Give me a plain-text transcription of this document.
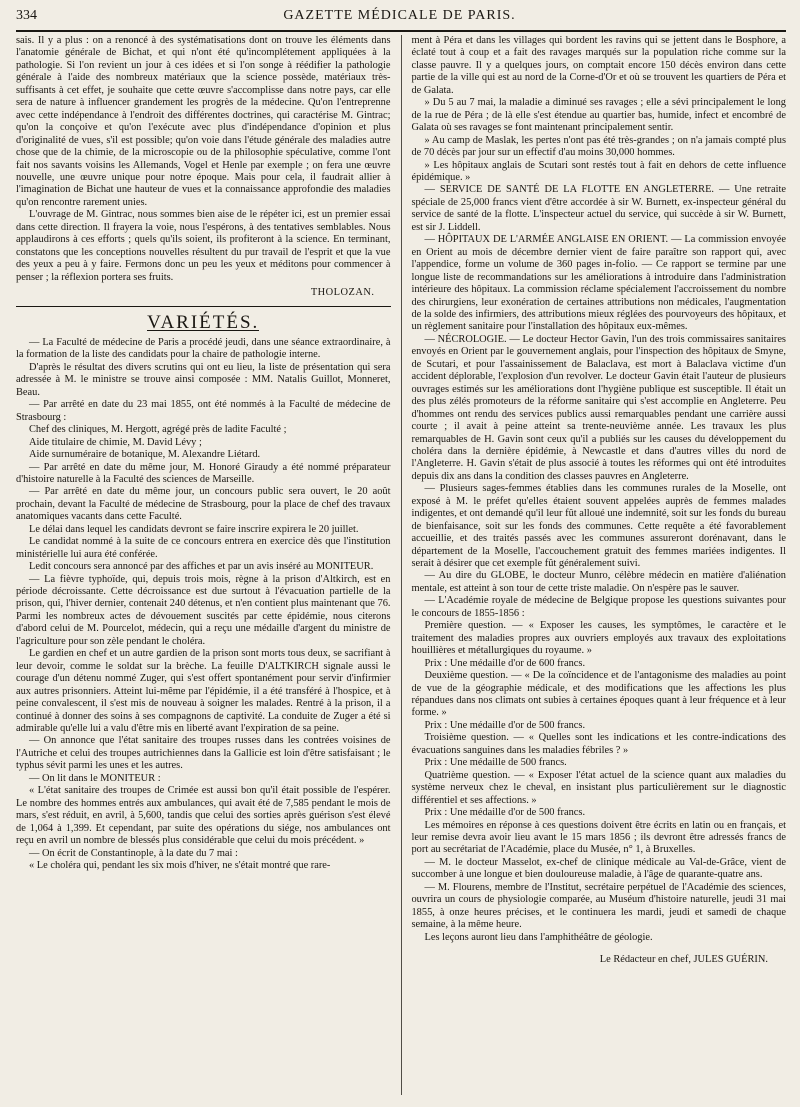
334	GAZETTE MÉDICALE DE PARIS.

sais. Il y a plus : on a renoncé à des systématisations dont on trouve les éléments dans l'anatomie générale de Bichat, et qui n'ont été qu'incomplétement appliquées à la pathologie. Si l'on revient un jour à ces idées et si l'on songe à réédifier la pathologie générale à l'aide des nombreux matériaux que la science possède, matériaux très-suffisants à cet effet, je souhaite que cette œuvre s'accomplisse dans notre pays, car elle sera de nature à influencer grandement les progrès de la médecine. Qu'on l'entreprenne avec cette indépendance à l'endroit des différentes doctrines, qui caractérise M. Gintrac; qu'on la conçoive et qu'on l'exécute avec plus d'indépendance d'opinion et plus d'originalité de vues, s'il est possible; qu'on voie dans l'étude générale des maladies autre chose que de la chimie, de la microscopie ou de la philosophie spéculative, comme l'ont fait nos savants voisins les Allemands, Vogel et Henle par exemple ; on fera une œuvre nouvelle, une œuvre unique pour notre époque. Mais pour cela, il faudrait allier à l'imagination de Bichat une hauteur de vues et la connaissance approfondie des maladies qu'on rencontre rarement unies.

L'ouvrage de M. Gintrac, nous sommes bien aise de le répéter ici, est un premier essai dans cette direction. Il frayera la voie, nous l'espérons, à des tentatives semblables. Nous applaudirons à ces efforts ; quels qu'ils soient, ils profiteront à la science. En terminant, constatons que les conceptions nouvelles résultent du pur travail de l'esprit et que la vue des yeux a peu à y faire. Fermons donc un peu les yeux et méditons pour commencer à penser ; la réflexion portera ses fruits.

THOLOZAN.
VARIÉTÉS.

— La Faculté de médecine de Paris a procédé jeudi, dans une séance extraordinaire, à la formation de la liste des candidats pour la chaire de pathologie interne.

D'après le résultat des divers scrutins qui ont eu lieu, la liste de présentation qui sera adressée à M. le ministre se trouve ainsi composée : MM. Natalis Guillot, Monneret, Beau.

— Par arrêté en date du 23 mai 1855, ont été nommés à la Faculté de médecine de Strasbourg :

Chef des cliniques, M. Hergott, agrégé près de ladite Faculté ;

Aide titulaire de chimie, M. David Lévy ;

Aide surnuméraire de botanique, M. Alexandre Liétard.

— Par arrêté en date du même jour, M. Honoré Giraudy a été nommé préparateur d'histoire naturelle à la Faculté des sciences de Marseille.

— Par arrêté en date du même jour, un concours public sera ouvert, le 20 août prochain, devant la Faculté de médecine de Strasbourg, pour la place de chef des travaux anatomiques vacants dans cette Faculté.

Le délai dans lequel les candidats devront se faire inscrire expirera le 20 juillet.

Le candidat nommé à la suite de ce concours entrera en exercice dès que l'institution ministérielle lui aura été conférée.

Ledit concours sera annoncé par des affiches et par un avis inséré au MONITEUR.

— La fièvre typhoïde, qui, depuis trois mois, règne à la prison d'Altkirch, est en période décroissante. Cette décroissance est due surtout à l'évacuation partielle de la prison, qui, l'hiver dernier, contenait 240 détenus, et n'en contient plus maintenant que 76. Parmi les nombreux actes de dévouement suscités par cette épidémie, nous citerons d'abord celui de M. Pourcelot, médecin, qui a reçu une médaille d'argent du ministre de l'agriculture pour son zèle pendant le choléra.

Le gardien en chef et un autre gardien de la prison sont morts tous deux, se sacrifiant à leur devoir, comme le soldat sur la brèche. La feuille D'ALTKIRCH signale aussi le courage d'un détenu nommé Zuger, qui s'est offert spontanément pour servir d'infirmier aux autres prisonniers. Atteint lui-même par l'épidémie, il a été transféré à l'hospice, et à peine convalescent, il s'est mis de nouveau à soigner les malades. Rentré à la prison, il a continué à donner des soins à ses compagnons de captivité. La conduite de Zuger a été si admirable qu'elle lui a valu d'être mis en liberté avant l'expiration de sa peine.

— On annonce que l'état sanitaire des troupes russes dans les contrées voisines de l'Autriche et celui des troupes autrichiennes dans la Gallicie est loin d'être satisfaisant ; le typhus sévit parmi les unes et les autres.

— On lit dans le MONITEUR :

« L'état sanitaire des troupes de Crimée est aussi bon qu'il était possible de l'espérer. Le nombre des hommes entrés aux ambulances, qui avait été de 7,585 pendant le mois de mars, s'est réduit, en avril, à 5,600, tandis que celui des sorties après guérison s'est élevé de 1,064 à 1,399. Et cependant, par suite des opérations du siége, nos ambulances ont reçu en avril un nombre de blessés plus considérable que celui du mois précédent. »

— On écrit de Constantinople, à la date du 7 mai :

« Le choléra qui, pendant les six mois d'hiver, ne s'était montré que rare-

ment à Péra et dans les villages qui bordent les ravins qui se jettent dans le Bosphore, a éclaté tout à coup et a fait des ravages marqués sur la population riche comme sur la classe pauvre. Il y a quelques jours, on comptait encore 150 décès environ dans cette partie de la ville qui est au nord de la Corne-d'Or et où se trouvent les quartiers de Péra et de Galata.

» Du 5 au 7 mai, la maladie a diminué ses ravages ; elle a sévi principalement le long de la rue de Péra ; de là elle s'est étendue au quartier bas, humide, infect et encombré de Galata où ses ravages se font maintenant principalement sentir.

» Au camp de Maslak, les pertes n'ont pas été très-grandes ; on n'a jamais compté plus de 70 décès par jour sur un effectif d'au moins 30,000 hommes.

» Les hôpitaux anglais de Scutari sont restés tout à fait en dehors de cette influence épidémique. »

— SERVICE DE SANTÉ DE LA FLOTTE EN ANGLETERRE. — Une retraite spéciale de 25,000 francs vient d'être accordée à sir W. Burnett, ex-inspecteur général du service de santé de la flotte. L'inspecteur actuel du service, qui succède à sir W. Burnett, est sir J. Liddell.

— HÔPITAUX DE L'ARMÉE ANGLAISE EN ORIENT. — La commission envoyée en Orient au mois de décembre dernier vient de faire paraître son rapport qui, avec l'appendice, forme un volume de 360 pages in-folio. — Ce rapport se termine par une longue liste de recommandations sur les améliorations à introduire dans l'administration intérieure des hôpitaux. La commission réclame spécialement l'accroissement du nombre des chirurgiens, leur exonération de certaines attributions non médicales, l'augmentation de la solde des infirmiers, des attributions mieux réglées des pourvoyeurs des hôpitaux, et un règlement sanitaire pour l'installation des hôpitaux eux-mêmes.

— NÉCROLOGIE. — Le docteur Hector Gavin, l'un des trois commissaires sanitaires envoyés en Orient par le gouvernement anglais, pour l'inspection des hôpitaux de Smyne, de Scutari, et pour l'assainissement de Balaclava, est mort à Balaclava victime d'un accident déplorable, l'explosion d'un revolver. Le docteur Gavin était l'auteur de plusieurs ouvrages estimés sur les améliorations dont l'hygiène publique est susceptible. Il était un des plus zélés promoteurs de la réforme sanitaire qui s'est accomplie en Angleterre. Peu d'hommes ont rendu des services publics aussi remarquables pendant une carrière aussi courte ; il avait à peine atteint sa trente-neuvième année. Les travaux les plus remarquables de H. Gavin sont ceux qu'il a publiés sur les causes du développement du choléra dans la dernière épidémie, à Newcastle et dans d'autres villes du nord de l'Angleterre. H. Gavin s'était de plus associé à toutes les réformes qui ont été introduites depuis dix ans dans la condition des classes pauvres en Angleterre.

— Plusieurs sages-femmes établies dans les communes rurales de la Moselle, ont exposé à M. le préfet qu'elles étaient souvent appelées auprès de femmes malades indigentes, et ont demandé qu'il leur fût alloué une indemnité, soit sur les fonds du bureau de bienfaisance, soit sur les fonds des communes. Cette requête a été favorablement accueillie, et des traités passés avec les communes assureront dorénavant, dans le département de la Moselle, l'accouchement gratuit des femmes mariées indigentes. Il serait à désirer que cet exemple fût généralement suivi.

— Au dire du GLOBE, le docteur Munro, célèbre médecin en matière d'aliénation mentale, est atteint à son tour de cette triste maladie. On n'espère pas le sauver.

— L'Académie royale de médecine de Belgique propose les questions suivantes pour le concours de 1855-1856 :

Première question. — « Exposer les causes, les symptômes, le caractère et le traitement des maladies propres aux ouvriers employés aux travaux des exploitations houillières et métallurgiques du royaume. »

Prix : Une médaille d'or de 600 francs.

Deuxième question. — « De la coïncidence et de l'antagonisme des maladies au point de vue de la géographie médicale, et des modifications que les affections les plus répandues dans nos climats ont subies à certaines époques quant à leur fréquence et à leur forme. »

Prix : Une médaille d'or de 500 francs.

Troisième question. — « Quelles sont les indications et les contre-indications des évacuations sanguines dans les maladies fébriles ? »

Prix : Une médaille de 500 francs.

Quatrième question. — « Exposer l'état actuel de la science quant aux maladies du système nerveux chez le cheval, en insistant plus particulièrement sur le diagnostic différentiel et ses affections. »

Prix : Une médaille d'or de 500 francs.

Les mémoires en réponse à ces questions doivent être écrits en latin ou en français, et leur remise devra avoir lieu avant le 15 mars 1856 ; ils devront être adressés francs de port au secrétariat de l'Académie, place du Musée, n° 1, à Bruxelles.

— M. le docteur Masselot, ex-chef de clinique médicale au Val-de-Grâce, vient de succomber à une longue et bien douloureuse maladie, à l'âge de quarante-quatre ans.

— M. Flourens, membre de l'Institut, secrétaire perpétuel de l'Académie des sciences, ouvrira un cours de physiologie comparée, au Muséum d'histoire naturelle, jeudi 31 mai 1855, à onze heures précises, et le continuera les mardi, jeudi et samedi de chaque semaine, à la même heure.

Les leçons auront lieu dans l'amphithéâtre de géologie.

Le Rédacteur en chef, JULES GUÉRIN.
